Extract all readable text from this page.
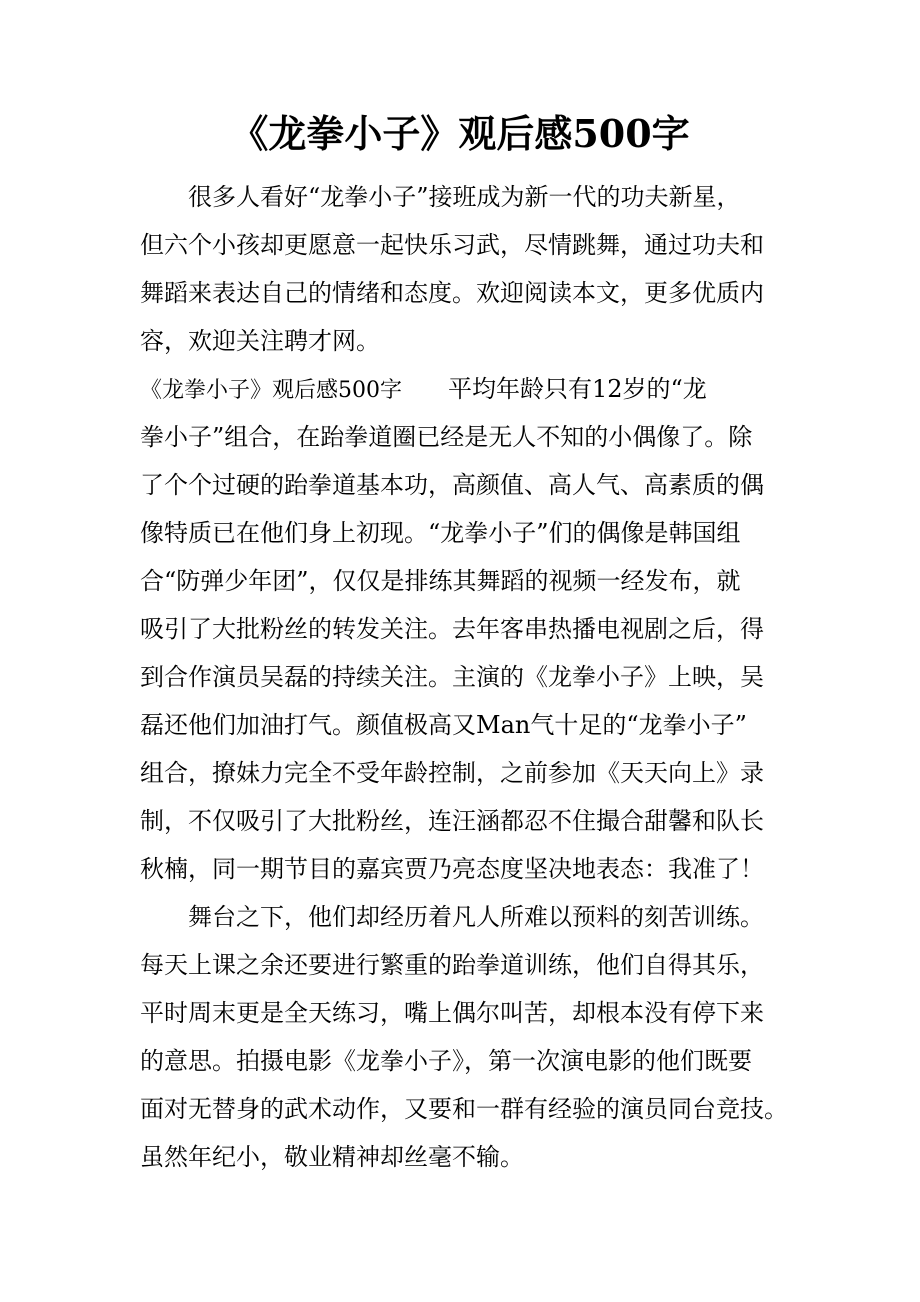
《龙拳小子》观后感500字
很多人看好“龙拳小子”接班成为新一代的功夫新星，
但六个小孩却更愿意一起快乐习武，尽情跳舞，通过功夫和
舞蹈来表达自己的情绪和态度。欢迎阅读本文，更多优质内
容，欢迎关注聘才网。
《龙拳小子》观后感500字 平均年龄只有12岁的“龙
拳小子”组合，在跆拳道圈已经是无人不知的小偶像了。除
了个个过硬的跆拳道基本功，高颜值、高人气、高素质的偶
像特质已在他们身上初现。“龙拳小子”们的偶像是韩国组
合“防弹少年团”，仅仅是排练其舞蹈的视频一经发布，就
吸引了大批粉丝的转发关注。去年客串热播电视剧之后，得
到合作演员吴磊的持续关注。主演的《龙拳小子》上映，吴
磊还他们加油打气。颜值极高又Man气十足的“龙拳小子”
组合，撩妹力完全不受年龄控制，之前参加《天天向上》录
制，不仅吸引了大批粉丝，连汪涵都忍不住撮合甜馨和队长
秋楠，同一期节目的嘉宾贾乃亮态度坚决地表态：我准了！
舞台之下，他们却经历着凡人所难以预料的刻苦训练。
每天上课之余还要进行繁重的跆拳道训练，他们自得其乐，
平时周末更是全天练习，嘴上偶尔叫苦，却根本没有停下来
的意思。拍摄电影《龙拳小子》，第一次演电影的他们既要
面对无替身的武术动作，又要和一群有经验的演员同台竞技。
虽然年纪小，敬业精神却丝毫不输。
